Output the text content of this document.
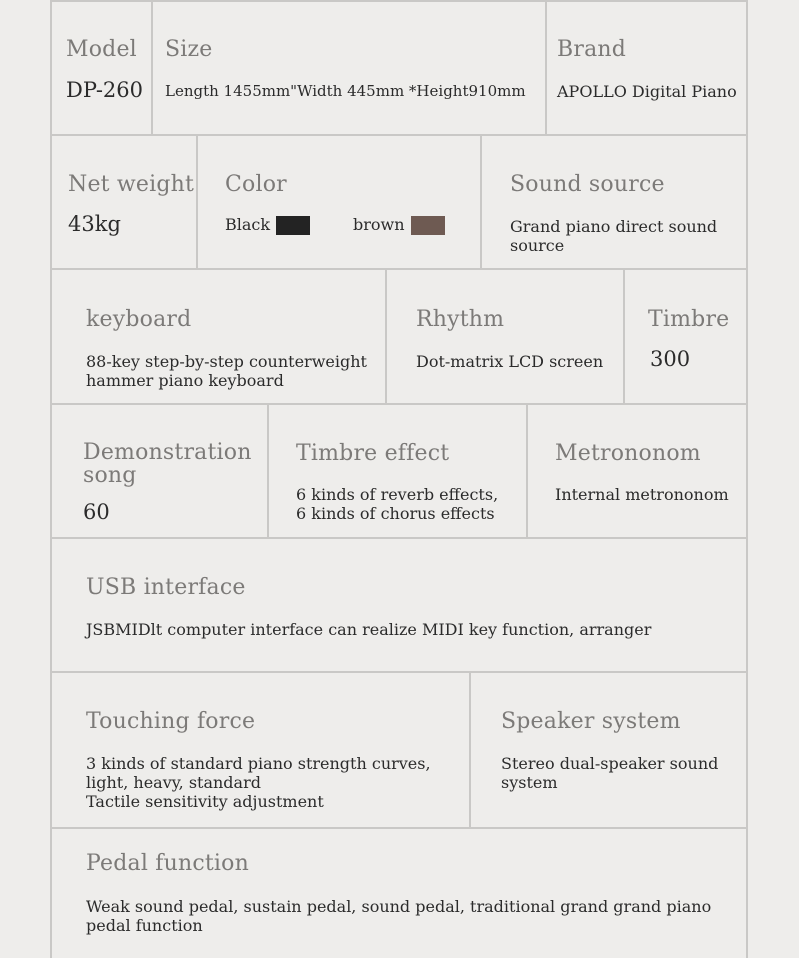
Model
DP-260
Size
Length 1455mm"Width 445mm *Height910mm
Brand
APOLLO Digital Piano
Net weight
43kg
Color
Black	brown
Sound source
Grand piano direct sound
source
keyboard
88-key step-by-step counterweight
hammer piano keyboard
Rhythm
Dot-matrix LCD screen
Timbre
300
Demonstration
song
60
Timbre effect
6 kinds of reverb effects,
6 kinds of chorus effects
Metrononom
Internal metrononom
USB interface
JSBMIDlt computer interface can realize MIDI key function, arranger
Touching force
3 kinds of standard piano strength curves,
light, heavy, standard
Tactile sensitivity adjustment
Speaker system
Stereo dual-speaker sound
system
Pedal function
Weak sound pedal, sustain pedal, sound pedal, traditional grand grand piano
pedal function
